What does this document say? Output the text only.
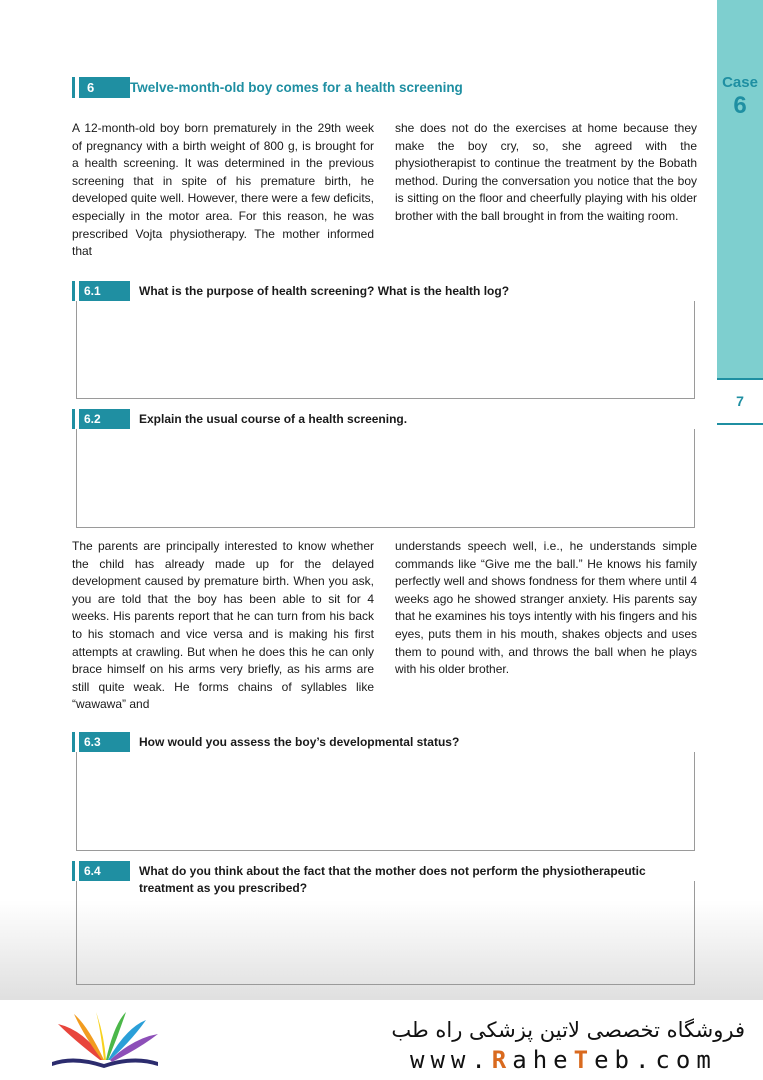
Case
6
7
6	Twelve-month-old boy comes for a health screening

A 12-month-old boy born prematurely in the 29th week of pregnancy with a birth weight of 800 g, is brought for a health screening. It was determined in the previous screening that in spite of his premature birth, he developed quite well. However, there were a few deficits, especially in the motor area. For this reason, he was prescribed Vojta physiotherapy. The mother informed that

she does not do the exercises at home because they make the boy cry, so, she agreed with the physiotherapist to continue the treatment by the Bobath method. During the conversation you notice that the boy is sitting on the floor and cheerfully playing with his older brother with the ball brought in from the waiting room.

6.1	What is the purpose of health screening? What is the health log?
6.2	Explain the usual course of a health screening.

The parents are principally interested to know whether the child has already made up for the delayed development caused by premature birth. When you ask, you are told that the boy has been able to sit for 4 weeks. His parents report that he can turn from his back to his stomach and vice versa and is making his first attempts at crawling. But when he does this he can only brace himself on his arms very briefly, as his arms are still quite weak. He forms chains of syllables like “wawawa” and

understands speech well, i.e., he understands simple commands like “Give me the ball.” He knows his family perfectly well and shows fondness for them where until 4 weeks ago he showed stranger anxiety. His parents say that he examines his toys intently with his fingers and his eyes, puts them in his mouth, shakes objects and uses them to pound with, and throws the ball when he plays with his older brother.

6.3	How would you assess the boy’s developmental status?
6.4	What do you think about the fact that the mother does not perform the physiotherapeutic treatment as you prescribed?
فروشگاه تخصصی لاتین پزشکی راه طب
www.RaheTeb.com
